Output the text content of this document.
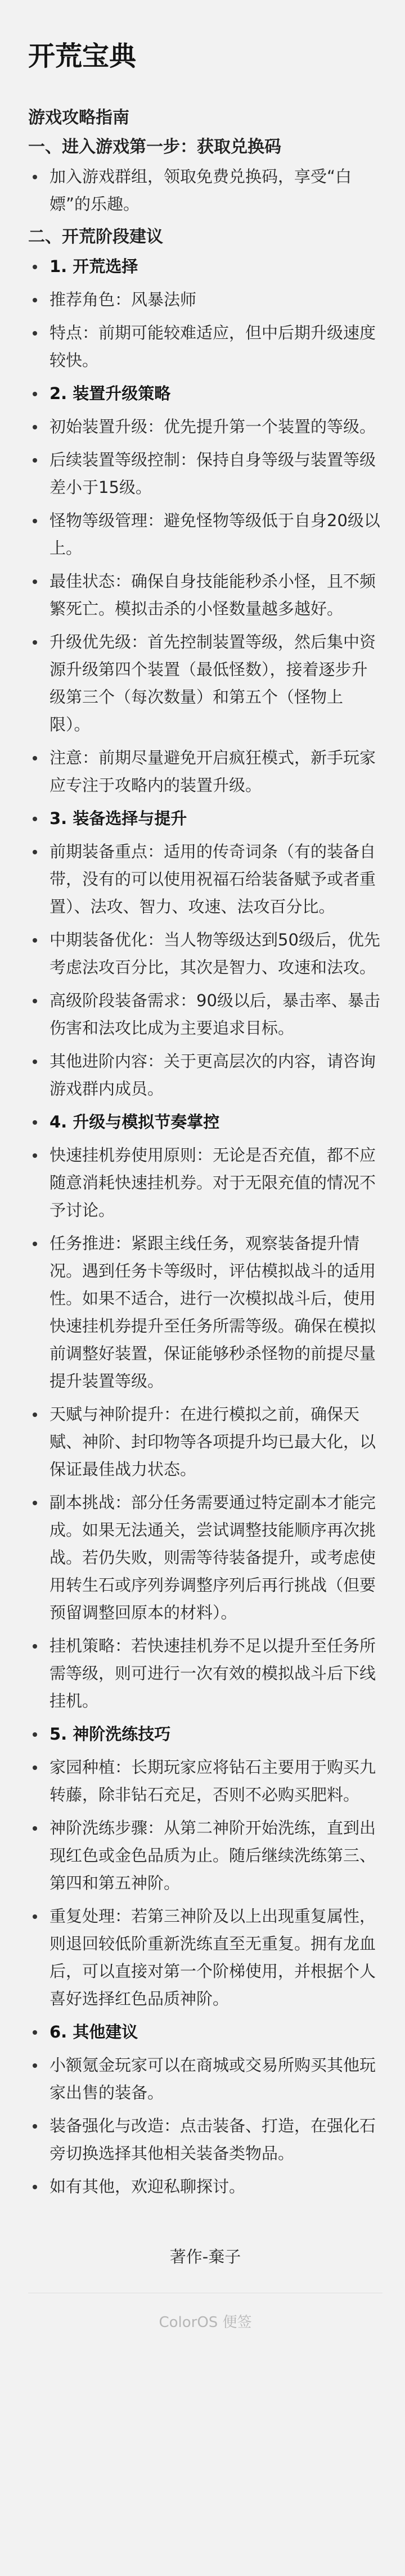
开荒宝典
游戏攻略指南
一、进入游戏第一步：获取兑换码
加入游戏群组，领取免费兑换码，享受“白嫖”的乐趣。
二、开荒阶段建议
1. 开荒选择
推荐角色：风暴法师
特点：前期可能较难适应，但中后期升级速度较快。
2. 装置升级策略
初始装置升级：优先提升第一个装置的等级。
后续装置等级控制：保持自身等级与装置等级差小于15级。
怪物等级管理：避免怪物等级低于自身20级以上。
最佳状态：确保自身技能能秒杀小怪，且不频繁死亡。模拟击杀的小怪数量越多越好。
升级优先级：首先控制装置等级，然后集中资源升级第四个装置（最低怪数），接着逐步升级第三个（每次数量）和第五个（怪物上限）。
注意：前期尽量避免开启疯狂模式，新手玩家应专注于攻略内的装置升级。
3. 装备选择与提升
前期装备重点：适用的传奇词条（有的装备自带，没有的可以使用祝福石给装备赋予或者重置）、法攻、智力、攻速、法攻百分比。
中期装备优化：当人物等级达到50级后，优先考虑法攻百分比，其次是智力、攻速和法攻。
高级阶段装备需求：90级以后，暴击率、暴击伤害和法攻比成为主要追求目标。
其他进阶内容：关于更高层次的内容，请咨询游戏群内成员。
4. 升级与模拟节奏掌控
快速挂机券使用原则：无论是否充值，都不应随意消耗快速挂机券。对于无限充值的情况不予讨论。
任务推进：紧跟主线任务，观察装备提升情况。遇到任务卡等级时，评估模拟战斗的适用性。如果不适合，进行一次模拟战斗后，使用快速挂机券提升至任务所需等级。确保在模拟前调整好装置，保证能够秒杀怪物的前提尽量提升装置等级。
天赋与神阶提升：在进行模拟之前，确保天赋、神阶、封印物等各项提升均已最大化，以保证最佳战力状态。
副本挑战：部分任务需要通过特定副本才能完成。如果无法通关，尝试调整技能顺序再次挑战。若仍失败，则需等待装备提升，或考虑使用转生石或序列券调整序列后再行挑战（但要预留调整回原本的材料）。
挂机策略：若快速挂机券不足以提升至任务所需等级，则可进行一次有效的模拟战斗后下线挂机。
5. 神阶洗练技巧
家园种植：长期玩家应将钻石主要用于购买九转藤，除非钻石充足，否则不必购买肥料。
神阶洗练步骤：从第二神阶开始洗练，直到出现红色或金色品质为止。随后继续洗练第三、第四和第五神阶。
重复处理：若第三神阶及以上出现重复属性，则退回较低阶重新洗练直至无重复。拥有龙血后，可以直接对第一个阶梯使用，并根据个人喜好选择红色品质神阶。
6. 其他建议
小额氪金玩家可以在商城或交易所购买其他玩家出售的装备。
装备强化与改造：点击装备、打造，在强化石旁切换选择其他相关装备类物品。
如有其他，欢迎私聊探讨。
著作-棄子
ColorOS 便签
